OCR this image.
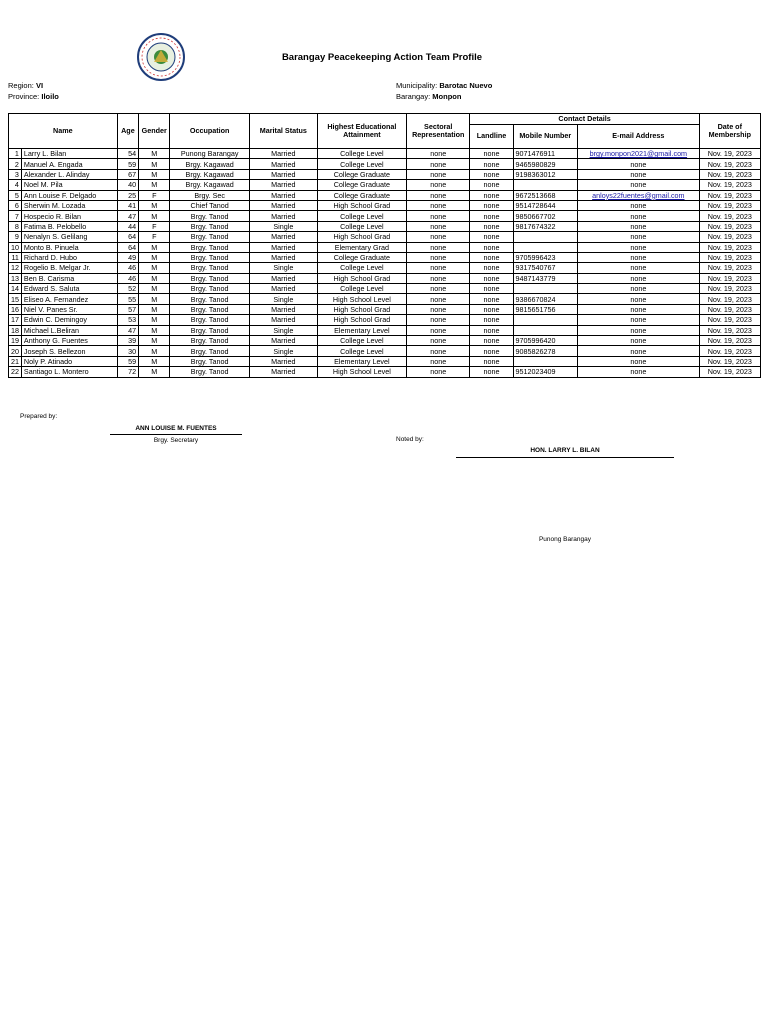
Barangay Peacekeeping Action Team Profile
Region: VI
Province: Iloilo
Municipality: Barotac Nuevo
Barangay: Monpon
Name		Age	Gender	Occupation	Marital Status	Highest Educational Attainment	Sectoral Representation	Contact Details			Date of Membership
								Landline	Mobile Number	E-mail Address	
1	Larry L. Bilan	54	M	Punong Barangay	Married	College Level	none	none	9071476911	brgy.monpon2021@gmail.com	Nov. 19, 2023
2	Manuel A. Engada	59	M	Brgy. Kagawad	Married	College Level	none	none	9465980829	none	Nov. 19, 2023
3	Alexander L. Alinday	67	M	Brgy. Kagawad	Married	College Graduate	none	none	9198363012	none	Nov. 19, 2023
4	Noel M. Pila	40	M	Brgy. Kagawad	Married	College Graduate	none	none		none	Nov. 19, 2023
5	Ann Louise F. Delgado	25	F	Brgy. Sec	Married	College Graduate	none	none	9672513668	anloys22fuentes@gmail.com	Nov. 19, 2023
6	Sherwin M. Lozada	41	M	Chief Tanod	Married	High School Grad	none	none	9514728644	none	Nov. 19, 2023
7	Hospecio R. Bilan	47	M	Brgy. Tanod	Married	College Level	none	none	9850667702	none	Nov. 19, 2023
8	Fatima B. Pelobello	44	F	Brgy. Tanod	Single	College Level	none	none	9817674322	none	Nov. 19, 2023
9	Nenalyn S. Gelilang	64	F	Brgy. Tanod	Married	High School Grad	none	none		none	Nov. 19, 2023
10	Monto B. Pinuela	64	M	Brgy. Tanod	Married	Elementary Grad	none	none		none	Nov. 19, 2023
11	Richard D. Hubo	49	M	Brgy. Tanod	Married	College Graduate	none	none	9705996423	none	Nov. 19, 2023
12	Rogelio B. Melgar Jr.	46	M	Brgy. Tanod	Single	College Level	none	none	9317540767	none	Nov. 19, 2023
13	Ben B. Carisma	46	M	Brgy. Tanod	Married	High School Grad	none	none	9487143779	none	Nov. 19, 2023
14	Edward S. Saluta	52	M	Brgy. Tanod	Married	College Level	none	none		none	Nov. 19, 2023
15	Eliseo A. Fernandez	55	M	Brgy. Tanod	Single	High School Level	none	none	9386670824	none	Nov. 19, 2023
16	Niel V. Panes Sr.	57	M	Brgy. Tanod	Married	High School Grad	none	none	9815651756	none	Nov. 19, 2023
17	Edwin C. Demingoy	53	M	Brgy. Tanod	Married	High School Grad	none	none		none	Nov. 19, 2023
18	Michael L.Beliran	47	M	Brgy. Tanod	Single	Elementary Level	none	none		none	Nov. 19, 2023
19	Anthony G. Fuentes	39	M	Brgy. Tanod	Married	College Level	none	none	9705996420	none	Nov. 19, 2023
20	Joseph S. Bellezon	30	M	Brgy. Tanod	Single	College Level	none	none	9085826278	none	Nov. 19, 2023
21	Noly P. Atinado	59	M	Brgy. Tanod	Married	Elementary Level	none	none		none	Nov. 19, 2023
22	Santiago L. Montero	72	M	Brgy. Tanod	Married	High School Level	none	none	9512023409	none	Nov. 19, 2023
Prepared by:
ANN LOUISE M. FUENTES
Brgy. Secretary	Noted by:
HON. LARRY L. BILAN
Punong Barangay
